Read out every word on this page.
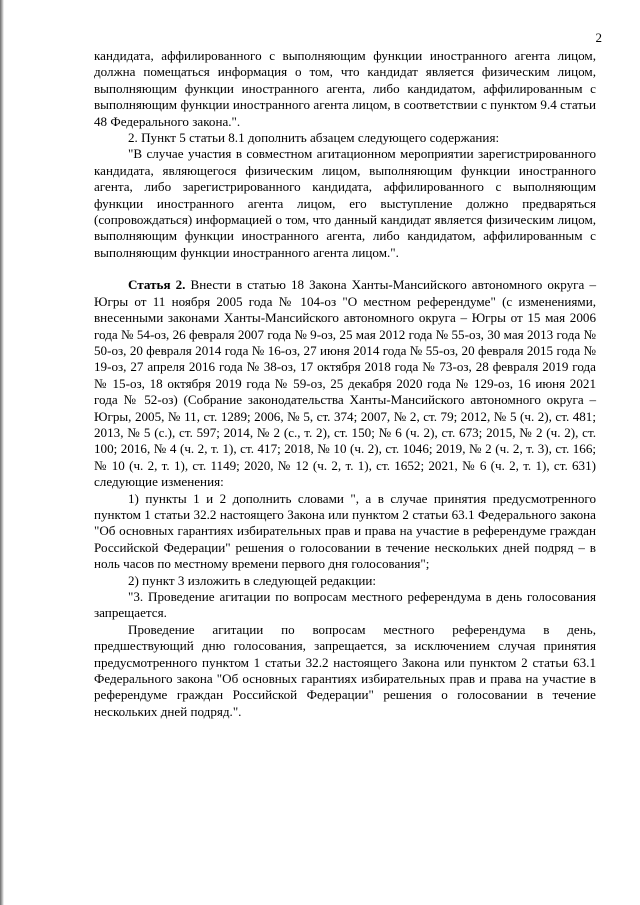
2

кандидата, аффилированного с выполняющим функции иностранного агента лицом, должна помещаться информация о том, что кандидат является физическим лицом, выполняющим функции иностранного агента, либо кандидатом, аффилированным с выполняющим функции иностранного агента лицом, в соответствии с пунктом 9.4 статьи 48 Федерального закона.".

2. Пункт 5 статьи 8.1 дополнить абзацем следующего содержания:

"В случае участия в совместном агитационном мероприятии зарегистрированного кандидата, являющегося физическим лицом, выполняющим функции иностранного агента, либо зарегистрированного кандидата, аффилированного с выполняющим функции иностранного агента лицом, его выступление должно предваряться (сопровождаться) информацией о том, что данный кандидат является физическим лицом, выполняющим функции иностранного агента, либо кандидатом, аффилированным с выполняющим функции иностранного агента лицом.".

Статья 2. Внести в статью 18 Закона Ханты-Мансийского автономного округа – Югры от 11 ноября 2005 года № 104-оз "О местном референдуме" (с изменениями, внесенными законами Ханты-Мансийского автономного округа – Югры от 15 мая 2006 года № 54-оз, 26 февраля 2007 года № 9-оз, 25 мая 2012 года № 55-оз, 30 мая 2013 года № 50-оз, 20 февраля 2014 года № 16-оз, 27 июня 2014 года № 55-оз, 20 февраля 2015 года № 19-оз, 27 апреля 2016 года № 38-оз, 17 октября 2018 года № 73-оз, 28 февраля 2019 года № 15-оз, 18 октября 2019 года № 59-оз, 25 декабря 2020 года № 129-оз, 16 июня 2021 года № 52-оз) (Собрание законодательства Ханты-Мансийского автономного округа – Югры, 2005, № 11, ст. 1289; 2006, № 5, ст. 374; 2007, № 2, ст. 79; 2012, № 5 (ч. 2), ст. 481; 2013, № 5 (с.), ст. 597; 2014, № 2 (с., т. 2), ст. 150; № 6 (ч. 2), ст. 673; 2015, № 2 (ч. 2), ст. 100; 2016, № 4 (ч. 2, т. 1), ст. 417; 2018, № 10 (ч. 2), ст. 1046; 2019, № 2 (ч. 2, т. 3), ст. 166; № 10 (ч. 2, т. 1), ст. 1149; 2020, № 12 (ч. 2, т. 1), ст. 1652; 2021, № 6 (ч. 2, т. 1), ст. 631) следующие изменения:

1) пункты 1 и 2 дополнить словами ", а в случае принятия предусмотренного пунктом 1 статьи 32.2 настоящего Закона или пунктом 2 статьи 63.1 Федерального закона "Об основных гарантиях избирательных прав и права на участие в референдуме граждан Российской Федерации" решения о голосовании в течение нескольких дней подряд – в ноль часов по местному времени первого дня голосования";

2) пункт 3 изложить в следующей редакции:

"3. Проведение агитации по вопросам местного референдума в день голосования запрещается.

Проведение агитации по вопросам местного референдума в день, предшествующий дню голосования, запрещается, за исключением случая принятия предусмотренного пунктом 1 статьи 32.2 настоящего Закона или пунктом 2 статьи 63.1 Федерального закона "Об основных гарантиях избирательных прав и права на участие в референдуме граждан Российской Федерации" решения о голосовании в течение нескольких дней подряд.".
